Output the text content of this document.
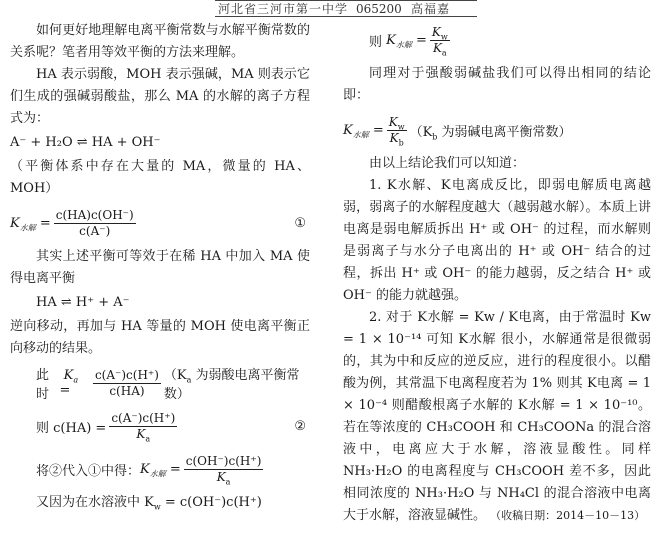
河北省三河市第一中学 065200 高福嘉

如何更好地理解电离平衡常数与水解平衡常数的关系呢？笔者用等效平衡的方法来理解。

HA 表示弱酸，MOH 表示强碱，MA 则表示它们生成的强碱弱酸盐，那么 MA 的水解的离子方程式为：

A⁻ + H₂O ⇌ HA + OH⁻

（平衡体系中存在大量的 MA，微量的 HA、MOH）

$K_{水解} = \frac{c(HA)c(OH^-)}{c(A^-)}$	①

其实上述平衡可等效于在稀 HA 中加入 MA 使得电离平衡

HA ⇌ H⁺ + A⁻

逆向移动，再加与 HA 等量的 MOH 使电离平衡正向移动的结果。

此时
$K_a$ =	$\frac{c(A^-)c(H^+)}{c(HA)} (K_a$ 为弱酸电离平衡常数）
则 $c(HA) = \frac{c(A^-)c(H^+)}{K_a}$	②
将②代入①中得： $K_{水解} = \frac{c(OH^-)c(H^+)}{K_a}$

又因为在水溶液中 $K_w = c(OH^-)c(H^+)$

则 $K_{水解} = \frac{K_w}{K_a}$

同理对于强酸弱碱盐我们可以得出相同的结论即：

$K_{水解} = \frac{K_w}{K_b} (K_b$ 为弱碱电离平衡常数）

由以上结论我们可以知道：

1. K水解、K电离成反比，即弱电解质电离越弱，弱离子的水解程度越大（越弱越水解）。本质上讲电离是弱电解质拆出 H⁺ 或 OH⁻ 的过程，而水解则是弱离子与水分子电离出的 H⁺ 或 OH⁻ 结合的过程，拆出 H⁺ 或 OH⁻ 的能力越弱，反之结合 H⁺ 或 OH⁻ 的能力就越强。

2. 对于 K水解 = Kw / K电离，由于常温时 Kw = 1 × 10⁻¹⁴ 可知 K水解 很小，水解通常是很微弱的，其为中和反应的逆反应，进行的程度很小。以醋酸为例，其常温下电离程度若为 1% 则其 K电离 = 1 × 10⁻⁴ 则醋酸根离子水解的 K水解 = 1 × 10⁻¹⁰。若在等浓度的 CH₃COOH 和 CH₃COONa 的混合溶液中，电离应大于水解，溶液显酸性。同样 NH₃·H₂O 的电离程度与 CH₃COOH 差不多，因此相同浓度的 NH₃·H₂O 与 NH₄Cl 的混合溶液中电离大于水解，溶液显碱性。 （收稿日期：2014－10－13）
